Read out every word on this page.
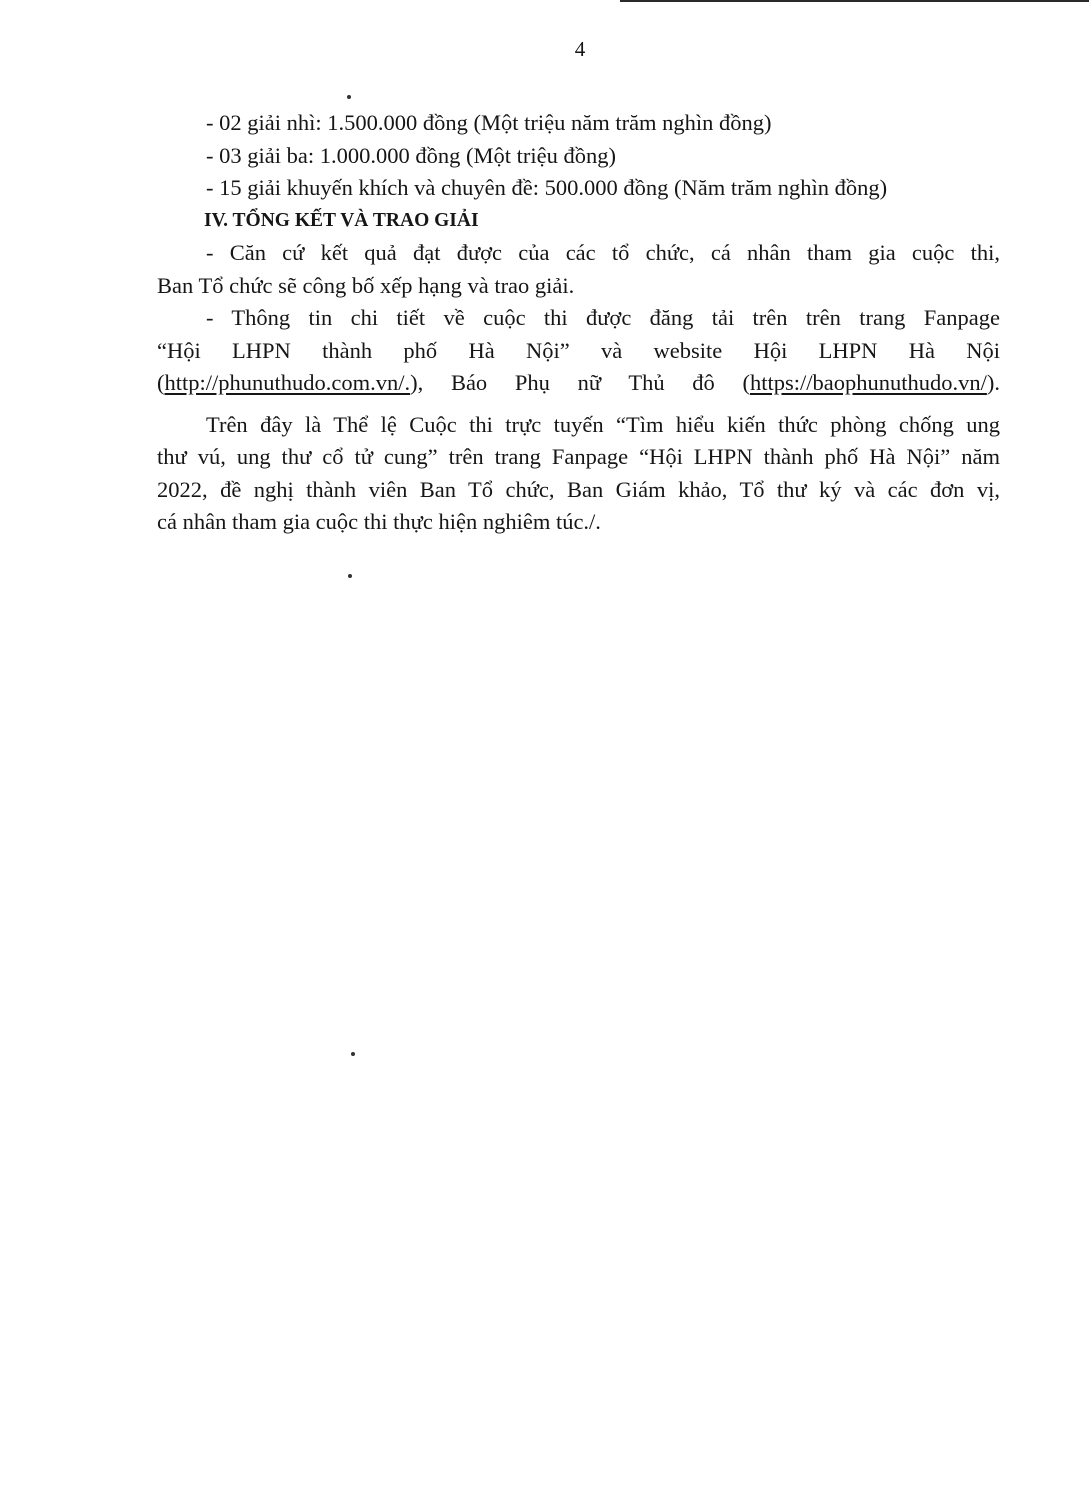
4
- 02 giải nhì: 1.500.000 đồng (Một triệu năm trăm nghìn đồng)
- 03 giải ba: 1.000.000 đồng (Một triệu đồng)
- 15 giải khuyến khích và chuyên đề: 500.000 đồng (Năm trăm nghìn đồng)
IV. TỔNG KẾT VÀ TRAO GIẢI
- Căn cứ kết quả đạt được của các tổ chức, cá nhân tham gia cuộc thi,
Ban Tổ chức sẽ công bố xếp hạng và trao giải.
- Thông tin chi tiết về cuộc thi được đăng tải trên trên trang Fanpage
“Hội LHPN thành phố Hà Nội” và website Hội LHPN Hà Nội
(http://phunuthudo.com.vn/.), Báo Phụ nữ Thủ đô (https://baophunuthudo.vn/).
Trên đây là Thể lệ Cuộc thi trực tuyến “Tìm hiểu kiến thức phòng chống ung
thư vú, ung thư cổ tử cung” trên trang Fanpage “Hội LHPN thành phố Hà Nội” năm
2022, đề nghị thành viên Ban Tổ chức, Ban Giám khảo, Tổ thư ký và các đơn vị,
cá nhân tham gia cuộc thi thực hiện nghiêm túc./.
